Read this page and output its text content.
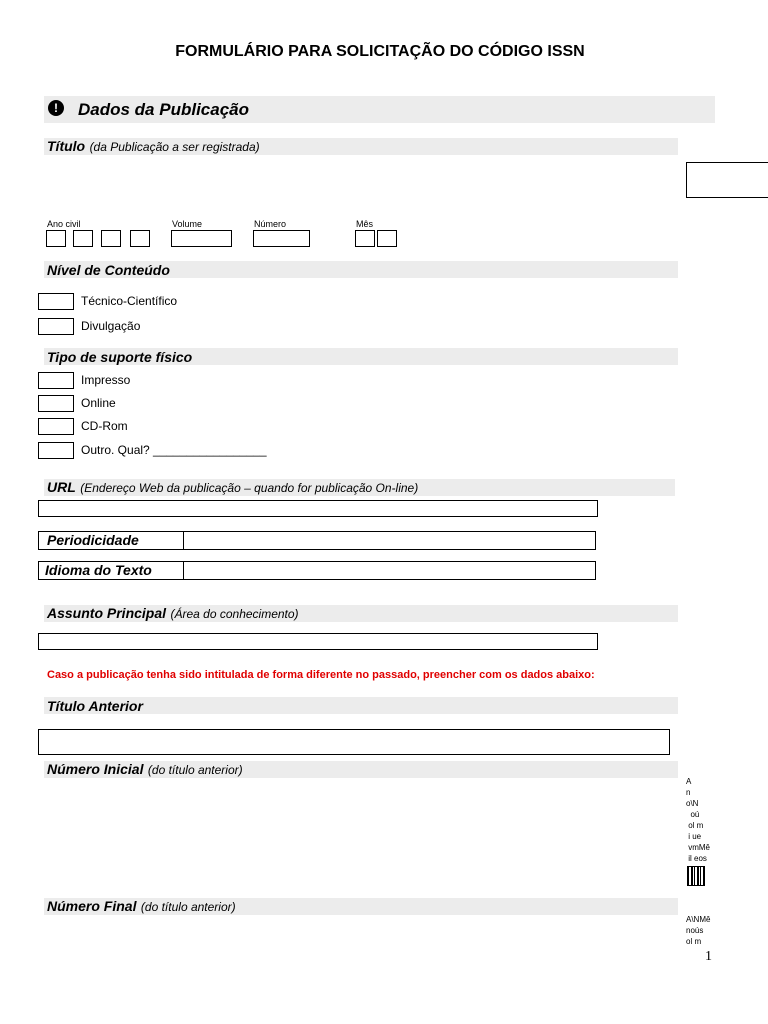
FORMULÁRIO PARA SOLICITAÇÃO DO CÓDIGO ISSN
!	Dados da Publicação
Título (da Publicação a ser registrada)
Ano civil	Volume	Número	Mês
Nível de Conteúdo
Técnico-Científico
Divulgação
Tipo de suporte físico
Impresso
Online
CD-Rom
Outro. Qual? _________________
URL (Endereço Web da publicação – quando for publicação On-line)
Periodicidade
Idioma do Texto
Assunto Principal (Área do conhecimento)
Caso a publicação tenha sido intitulada de forma diferente no passado, preencher com os dados abaixo:
Título Anterior
Número Inicial (do título anterior)
A
n
o\N
oú
ol m
i ue
vmMê
il eos
Número Final (do título anterior)
A\NMê
noús
ol m
1
